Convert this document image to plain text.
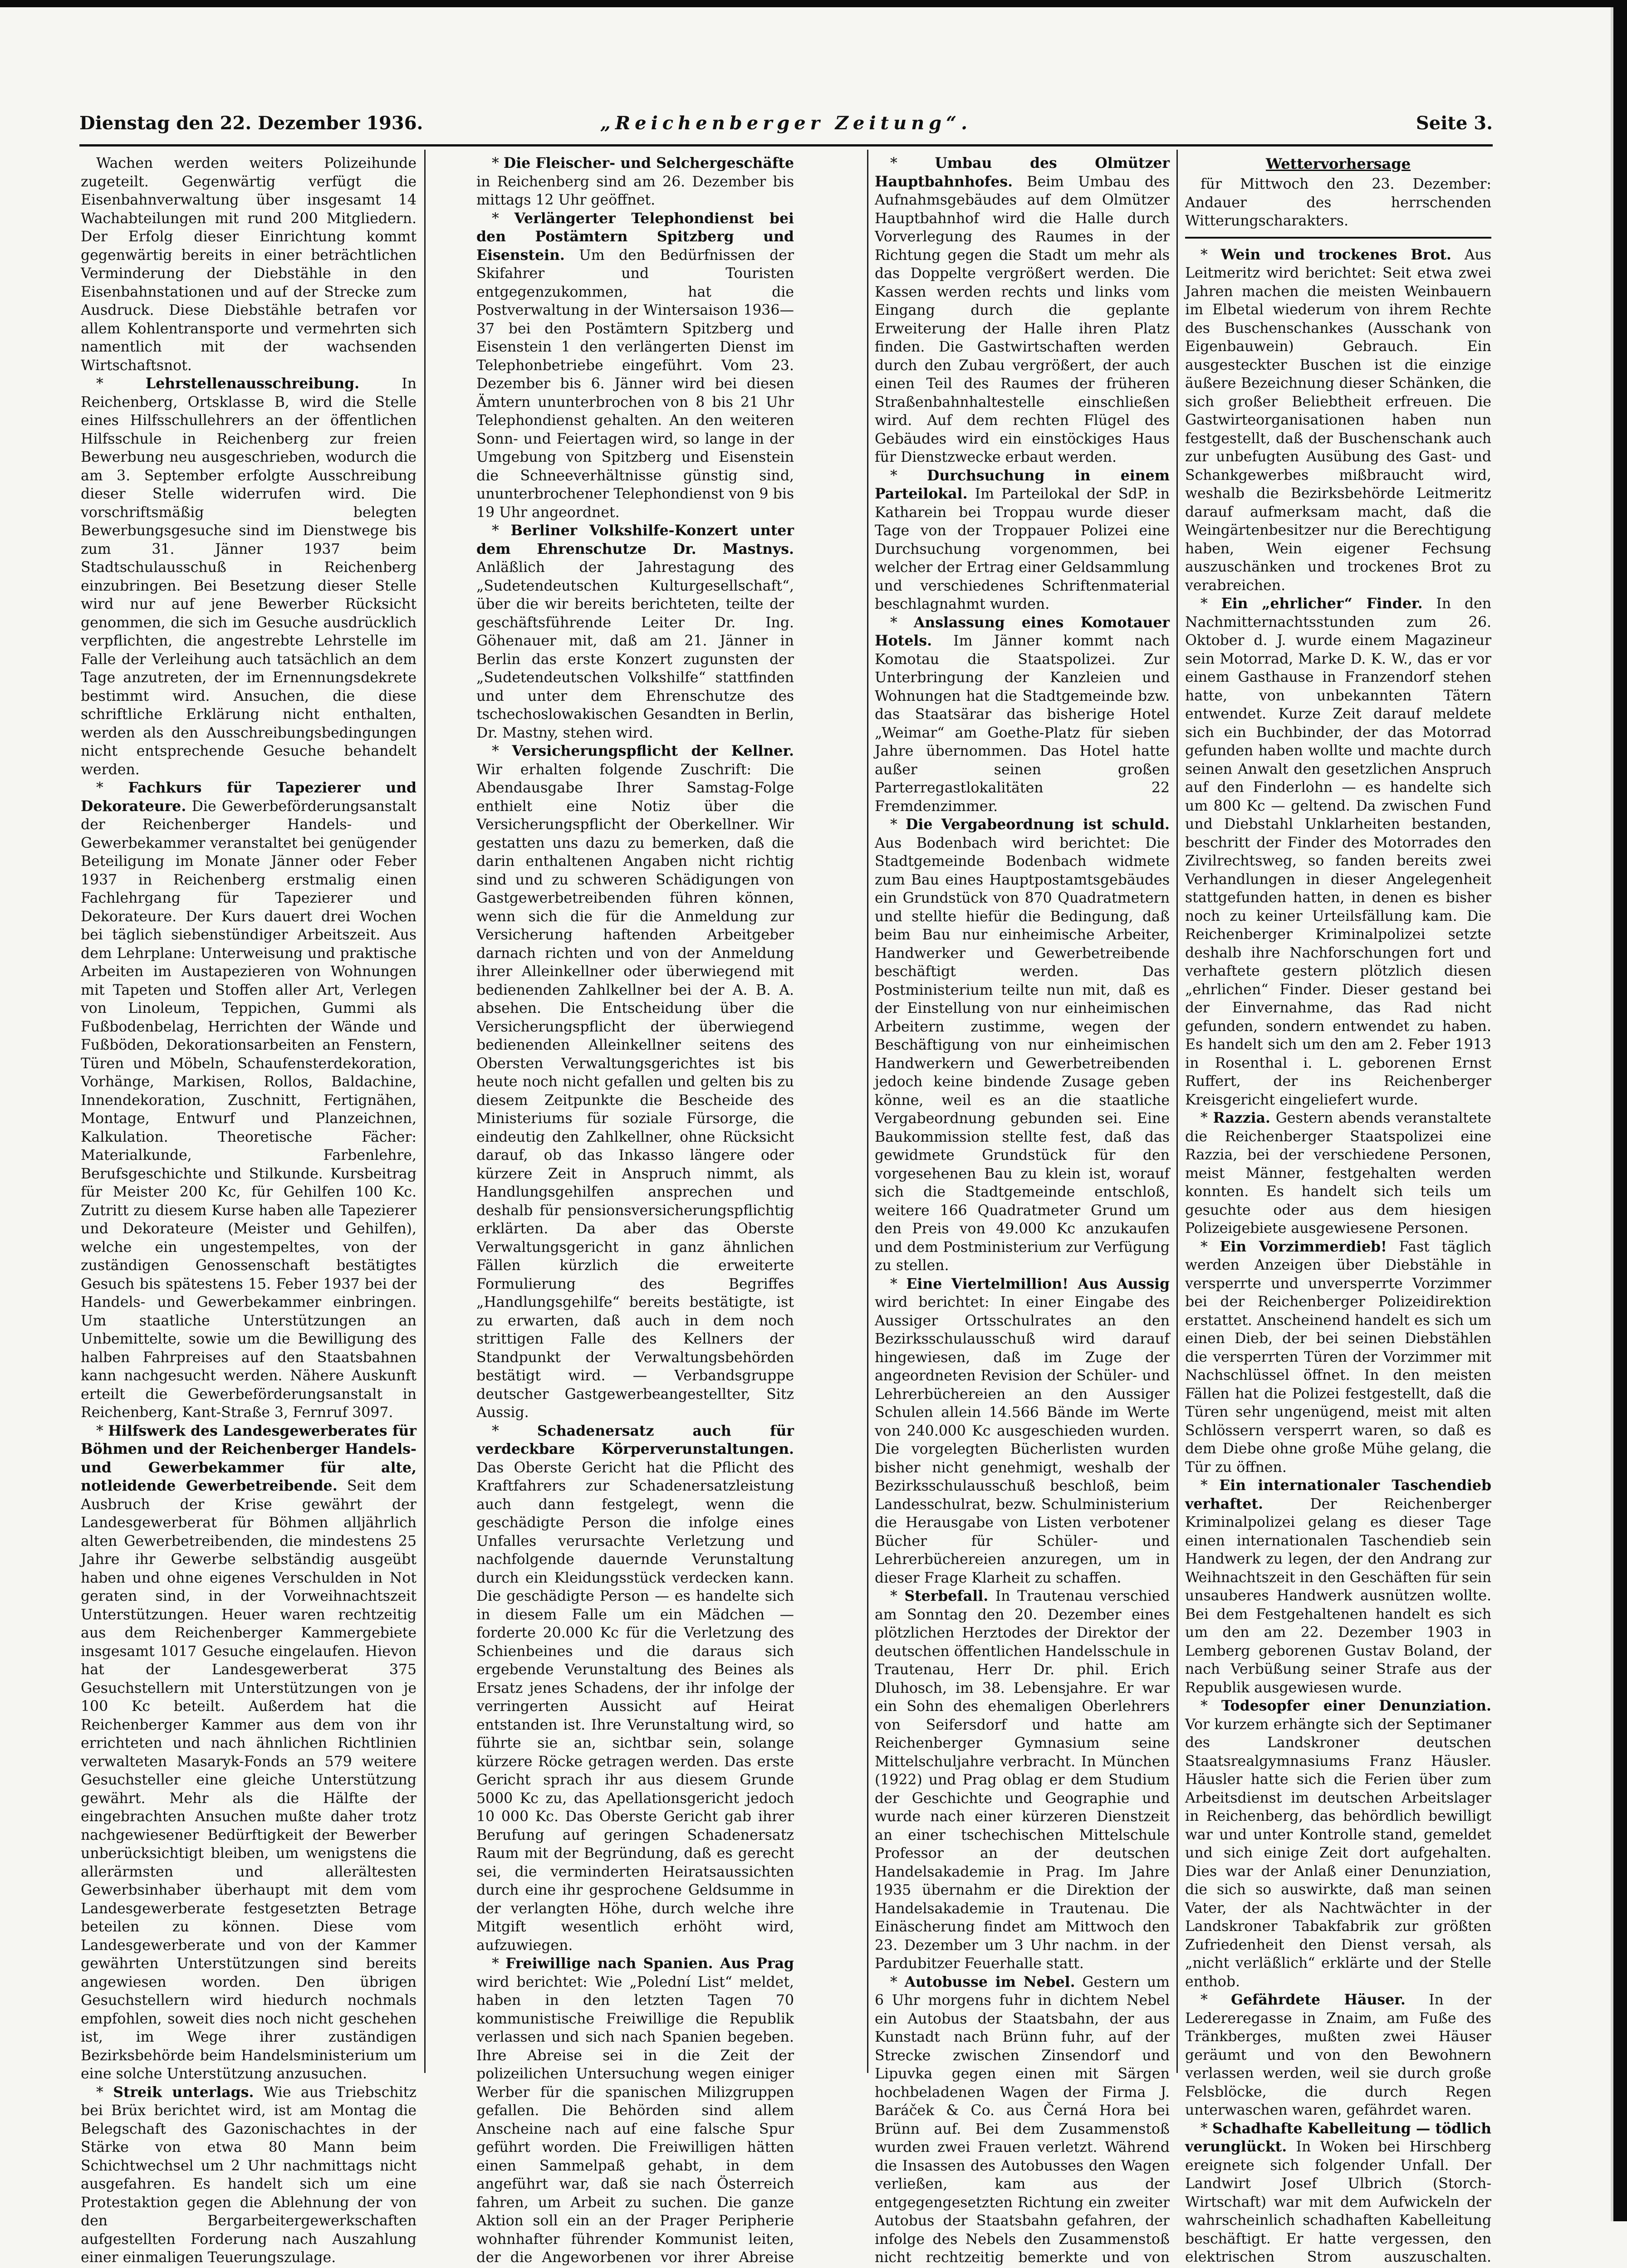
„Reichenberger Zeitung“.
Dienstag den 22. Dezember 1936.	Seite 3.

Wachen werden weiters Polizeihunde zugeteilt. Gegenwärtig verfügt die Eisenbahnverwaltung über insgesamt 14 Wachabteilungen mit rund 200 Mitgliedern. Der Erfolg dieser Einrichtung kommt gegenwärtig bereits in einer beträchtlichen Verminderung der Diebstähle in den Eisenbahnstationen und auf der Strecke zum Ausdruck. Diese Diebstähle betrafen vor allem Kohlentransporte und vermehrten sich namentlich mit der wachsenden Wirtschaftsnot.

* Lehrstellenausschreibung.	In Reichenberg, Ortsklasse B, wird die Stelle eines Hilfsschullehrers an der öffentlichen Hilfsschule in Reichenberg zur freien Bewerbung neu ausgeschrieben, wodurch die am 3. September erfolgte Ausschreibung dieser Stelle widerrufen wird. Die vorschriftsmäßig belegten Bewerbungsgesuche sind im Dienstwege bis zum 31. Jänner 1937 beim Stadtschulausschuß in Reichenberg einzubringen. Bei Besetzung dieser Stelle wird nur auf jene Bewerber Rücksicht genommen, die sich im Gesuche ausdrücklich verpflichten, die angestrebte Lehrstelle im Falle der Verleihung auch tatsächlich an dem Tage anzutreten, der im Ernennungsdekrete bestimmt wird. Ansuchen, die diese schriftliche Erklärung nicht enthalten, werden als den Ausschreibungsbedingungen nicht entsprechende Gesuche behandelt werden.

* Fachkurs für Tapezierer und Dekorateure. Die Gewerbeförderungsanstalt der Reichenberger Handels- und Gewerbekammer veranstaltet bei genügender Beteiligung im Monate Jänner oder Feber 1937 in Reichenberg erstmalig einen Fachlehrgang für Tapezierer und Dekorateure. Der Kurs dauert drei Wochen bei täglich siebenstündiger Arbeitszeit. Aus dem Lehrplane: Unterweisung und praktische Arbeiten im Austapezieren von Wohnungen mit Tapeten und Stoffen aller Art, Verlegen von Linoleum, Teppichen, Gummi als Fußbodenbelag, Herrichten der Wände und Fußböden, Dekorationsarbeiten an Fenstern, Türen und Möbeln, Schaufensterdekoration, Vorhänge, Markisen, Rollos, Baldachine, Innendekoration, Zuschnitt, Fertignähen, Montage, Entwurf und Planzeichnen, Kalkulation. Theoretische Fächer: Materialkunde, Farbenlehre, Berufsgeschichte und Stilkunde. Kursbeitrag für Meister 200 Kc, für Gehilfen 100 Kc. Zutritt zu diesem Kurse haben alle Tapezierer und Dekorateure (Meister und Gehilfen), welche ein ungestempeltes, von der zuständigen Genossenschaft bestätigtes Gesuch bis spätestens 15. Feber 1937 bei der Handels- und Gewerbekammer einbringen. Um staatliche Unterstützungen an Unbemittelte, sowie um die Bewilligung des halben Fahrpreises auf den Staatsbahnen kann nachgesucht werden. Nähere Auskunft erteilt die Gewerbeförderungsanstalt in Reichenberg, Kant-Straße 3, Fernruf 3097.

* Hilfswerk des Landesgewerberates für Böhmen und der Reichenberger Handels- und Gewerbekammer für alte, notleidende Gewerbetreibende. Seit dem Ausbruch der Krise gewährt der Landesgewerberat für Böhmen alljährlich alten Gewerbetreibenden, die mindestens 25 Jahre ihr Gewerbe selbständig ausgeübt haben und ohne eigenes Verschulden in Not geraten sind, in der Vorweihnachtszeit Unterstützungen. Heuer waren rechtzeitig aus dem Reichenberger Kammergebiete insgesamt 1017 Gesuche eingelaufen. Hievon hat der Landesgewerberat 375 Gesuchstellern mit Unterstützungen von je 100 Kc beteilt. Außerdem hat die Reichenberger Kammer aus dem von ihr errichteten und nach ähnlichen Richtlinien verwalteten Masaryk-Fonds an 579 weitere Gesuchsteller eine gleiche Unterstützung gewährt. Mehr als die Hälfte der eingebrachten Ansuchen mußte daher trotz nachgewiesener Bedürftigkeit der Bewerber unberücksichtigt bleiben, um wenigstens die allerärmsten und allerältesten Gewerbsinhaber überhaupt mit dem vom Landesgewerberate festgesetzten Betrage beteilen zu können. Diese vom Landesgewerberate und von der Kammer gewährten Unterstützungen sind bereits angewiesen worden. Den übrigen Gesuchstellern wird hiedurch nochmals empfohlen, soweit dies noch nicht geschehen ist, im Wege ihrer zuständigen Bezirksbehörde beim Handelsministerium um eine solche Unterstützung anzusuchen.

* Streik unterlags. Wie aus Triebschitz bei Brüx berichtet wird, ist am Montag die Belegschaft des Gazonischachtes in der Stärke von etwa 80 Mann beim Schichtwechsel um 2 Uhr nachmittags nicht ausgefahren. Es handelt sich um eine Protestaktion gegen die Ablehnung der von den Bergarbeitergewerkschaften aufgestellten Forderung nach Auszahlung einer einmaligen Teuerungszulage.

* Die Fleischer- und Selchergeschäfte in Reichenberg sind am 26. Dezember bis mittags 12 Uhr geöffnet.

* Verlängerter Telephondienst bei den Postämtern Spitzberg und Eisenstein. Um den Bedürfnissen der Skifahrer und Touristen entgegenzukommen, hat die Postverwaltung in der Wintersaison 1936—37 bei den Postämtern Spitzberg und Eisenstein 1 den verlängerten Dienst im Telephonbetriebe eingeführt. Vom 23. Dezember bis 6. Jänner wird bei diesen Ämtern ununterbrochen von 8 bis 21 Uhr Telephondienst gehalten. An den weiteren Sonn- und Feiertagen wird, so lange in der Umgebung von Spitzberg und Eisenstein die Schneeverhältnisse günstig sind, ununterbrochener Telephondienst von 9 bis 19 Uhr angeordnet.

* Berliner Volkshilfe-Konzert unter dem Ehrenschutze Dr. Mastnys. Anläßlich der Jahrestagung des „Sudetendeutschen Kulturgesellschaft“, über die wir bereits berichteten, teilte der geschäftsführende Leiter Dr. Ing. Göhenauer mit, daß am 21. Jänner in Berlin das erste Konzert zugunsten der „Sudetendeutschen Volkshilfe“ stattfinden und unter dem Ehrenschutze des tschechoslowakischen Gesandten in Berlin, Dr. Mastny, stehen wird.

* Versicherungspflicht der Kellner. Wir erhalten folgende Zuschrift: Die Abendausgabe Ihrer Samstag-Folge enthielt eine Notiz über die Versicherungspflicht der Oberkellner. Wir gestatten uns dazu zu bemerken, daß die darin enthaltenen Angaben nicht richtig sind und zu schweren Schädigungen von Gastgewerbetreibenden führen können, wenn sich die für die Anmeldung zur Versicherung haftenden Arbeitgeber darnach richten und von der Anmeldung ihrer Alleinkellner oder überwiegend mit bedienenden Zahlkellner bei der A. B. A. absehen. Die Entscheidung über die Versicherungspflicht der überwiegend bedienenden Alleinkellner seitens des Obersten Verwaltungsgerichtes ist bis heute noch nicht gefallen und gelten bis zu diesem Zeitpunkte die Bescheide des Ministeriums für soziale Fürsorge, die eindeutig den Zahlkellner, ohne Rücksicht darauf, ob das Inkasso längere oder kürzere Zeit in Anspruch nimmt, als Handlungsgehilfen ansprechen und deshalb für pensionsversicherungspflichtig erklärten. Da aber das Oberste Verwaltungsgericht in ganz ähnlichen Fällen kürzlich die erweiterte Formulierung des Begriffes „Handlungsgehilfe“ bereits bestätigte, ist zu erwarten, daß auch in dem noch strittigen Falle des Kellners der Standpunkt der Verwaltungsbehörden bestätigt wird. — Verbandsgruppe deutscher Gastgewerbeangestellter, Sitz Aussig.

* Schadenersatz auch für verdeckbare Körperverunstaltungen. Das Oberste Gericht hat die Pflicht des Kraftfahrers zur Schadenersatzleistung auch dann festgelegt, wenn die geschädigte Person die infolge eines Unfalles verursachte Verletzung und nachfolgende dauernde Verunstaltung durch ein Kleidungsstück verdecken kann. Die geschädigte Person — es handelte sich in diesem Falle um ein Mädchen — forderte 20.000 Kc für die Verletzung des Schienbeines und die daraus sich ergebende Verunstaltung des Beines als Ersatz jenes Schadens, der ihr infolge der verringerten Aussicht auf Heirat entstanden ist. Ihre Verunstaltung wird, so führte sie an, sichtbar sein, solange kürzere Röcke getragen werden. Das erste Gericht sprach ihr aus diesem Grunde 5000 Kc zu, das Apellationsgericht jedoch 10 000 Kc. Das Oberste Gericht gab ihrer Berufung auf geringen Schadenersatz Raum mit der Begründung, daß es gerecht sei, die verminderten Heiratsaussichten durch eine ihr gesprochene Geldsumme in der verlangten Höhe, durch welche ihre Mitgift wesentlich erhöht wird, aufzuwiegen.

* Freiwillige nach Spanien. Aus Prag wird berichtet: Wie „Polední List“ meldet, haben in den letzten Tagen 70 kommunistische Freiwillige die Republik verlassen und sich nach Spanien begeben. Ihre Abreise sei in die Zeit der polizeilichen Untersuchung wegen einiger Werber für die spanischen Milizgruppen gefallen. Die Behörden sind allem Anscheine nach auf eine falsche Spur geführt worden. Die Freiwilligen hätten einen Sammelpaß gehabt, in dem angeführt war, daß sie nach Österreich fahren, um Arbeit zu suchen. Die ganze Aktion soll ein an der Prager Peripherie wohnhafter führender Kommunist leiten, der die Angeworbenen vor ihrer Abreise

* Umbau des Olmützer Hauptbahnhofes. Beim Umbau des Aufnahmsgebäudes auf dem Olmützer Hauptbahnhof wird die Halle durch Vorverlegung des Raumes in der Richtung gegen die Stadt um mehr als das Doppelte vergrößert werden. Die Kassen werden rechts und links vom Eingang durch die geplante Erweiterung der Halle ihren Platz finden. Die Gastwirtschaften werden durch den Zubau vergrößert, der auch einen Teil des Raumes der früheren Straßenbahnhaltestelle einschließen wird. Auf dem rechten Flügel des Gebäudes wird ein einstöckiges Haus für Dienstzwecke erbaut werden.

* Durchsuchung in einem Parteilokal. Im Parteilokal der SdP. in Katharein bei Troppau wurde dieser Tage von der Troppauer Polizei eine Durchsuchung vorgenommen, bei welcher der Ertrag einer Geldsammlung und verschiedenes Schriftenmaterial beschlagnahmt wurden.

* Anslassung eines Komotauer Hotels. Im Jänner kommt nach Komotau die Staatspolizei. Zur Unterbringung der Kanzleien und Wohnungen hat die Stadtgemeinde bzw. das Staatsärar das bisherige Hotel „Weimar“ am Goethe-Platz für sieben Jahre übernommen. Das Hotel hatte außer seinen großen Parterregastlokalitäten 22 Fremdenzimmer.

* Die Vergabeordnung ist schuld. Aus Bodenbach wird berichtet: Die Stadtgemeinde Bodenbach widmete zum Bau eines Hauptpostamtsgebäudes ein Grundstück von 870 Quadratmetern und stellte hiefür die Bedingung, daß beim Bau nur einheimische Arbeiter, Handwerker und Gewerbetreibende beschäftigt werden. Das Postministerium teilte nun mit, daß es der Einstellung von nur einheimischen Arbeitern zustimme, wegen der Beschäftigung von nur einheimischen Handwerkern und Gewerbetreibenden jedoch keine bindende Zusage geben könne, weil es an die staatliche Vergabeordnung gebunden sei. Eine Baukommission stellte fest, daß das gewidmete Grundstück für den vorgesehenen Bau zu klein ist, worauf sich die Stadtgemeinde entschloß, weitere 166 Quadratmeter Grund um den Preis von 49.000 Kc anzukaufen und dem Postministerium zur Verfügung zu stellen.

* Eine Viertelmillion! Aus Aussig wird berichtet: In einer Eingabe des Aussiger Ortsschulrates an den Bezirksschulausschuß wird darauf hingewiesen, daß im Zuge der angeordneten Revision der Schüler- und Lehrerbüchereien an den Aussiger Schulen allein 14.566 Bände im Werte von 240.000 Kc ausgeschieden wurden. Die vorgelegten Bücherlisten wurden bisher nicht genehmigt, weshalb der Bezirksschulausschuß beschloß, beim Landesschulrat, bezw. Schulministerium die Herausgabe von Listen verbotener Bücher für Schüler- und Lehrerbüchereien anzuregen, um in dieser Frage Klarheit zu schaffen.

* Sterbefall. In Trautenau verschied am Sonntag den 20. Dezember eines plötzlichen Herztodes der Direktor der deutschen öffentlichen Handelsschule in Trautenau, Herr Dr. phil. Erich Dluhosch, im 38. Lebensjahre. Er war ein Sohn des ehemaligen Oberlehrers von Seifersdorf und hatte am Reichenberger Gymnasium seine Mittelschuljahre verbracht. In München (1922) und Prag oblag er dem Studium der Geschichte und Geographie und wurde nach einer kürzeren Dienstzeit an einer tschechischen Mittelschule Professor an der deutschen Handelsakademie in Prag. Im Jahre 1935 übernahm er die Direktion der Handelsakademie in Trautenau. Die Einäscherung findet am Mittwoch den 23. Dezember um 3 Uhr nachm. in der Pardubitzer Feuerhalle statt.

* Autobusse im Nebel. Gestern um 6 Uhr morgens fuhr in dichtem Nebel ein Autobus der Staatsbahn, der aus Kunstadt nach Brünn fuhr, auf der Strecke zwischen Zinsendorf und Lipuvka gegen einen mit Särgen hochbeladenen Wagen der Firma J. Baráček & Co. aus Černá Hora bei Brünn auf. Bei dem Zusammenstoß wurden zwei Frauen verletzt. Während die Insassen des Autobusses den Wagen verließen, kam aus der entgegengesetzten Richtung ein zweiter Autobus der Staatsbahn gefahren, der infolge des Nebels den Zusammenstoß nicht rechtzeitig bemerkte und von

Wettervorhersage

für Mittwoch den 23. Dezember: Andauer des herrschenden Witterungscharakters.

* Wein und trockenes Brot. Aus Leitmeritz wird berichtet: Seit etwa zwei Jahren machen die meisten Weinbauern im Elbetal wiederum von ihrem Rechte des Buschenschankes (Ausschank von Eigenbauwein) Gebrauch. Ein ausgesteckter Buschen ist die einzige äußere Bezeichnung dieser Schänken, die sich großer Beliebtheit erfreuen. Die Gastwirteorganisationen haben nun festgestellt, daß der Buschenschank auch zur unbefugten Ausübung des Gast- und Schankgewerbes mißbraucht wird, weshalb die Bezirksbehörde Leitmeritz darauf aufmerksam macht, daß die Weingärtenbesitzer nur die Berechtigung haben, Wein eigener Fechsung auszuschänken und trockenes Brot zu verabreichen.

* Ein „ehrlicher“ Finder. In den Nachmitternachtsstunden zum 26. Oktober d. J. wurde einem Magazineur sein Motorrad, Marke D. K. W., das er vor einem Gasthause in Franzendorf stehen hatte, von unbekannten Tätern entwendet. Kurze Zeit darauf meldete sich ein Buchbinder, der das Motorrad gefunden haben wollte und machte durch seinen Anwalt den gesetzlichen Anspruch auf den Finderlohn — es handelte sich um 800 Kc — geltend. Da zwischen Fund und Diebstahl Unklarheiten bestanden, beschritt der Finder des Motorrades den Zivilrechtsweg, so fanden bereits zwei Verhandlungen in dieser Angelegenheit stattgefunden hatten, in denen es bisher noch zu keiner Urteilsfällung kam. Die Reichenberger Kriminalpolizei setzte deshalb ihre Nachforschungen fort und verhaftete gestern plötzlich diesen „ehrlichen“ Finder. Dieser gestand bei der Einvernahme, das Rad nicht gefunden, sondern entwendet zu haben. Es handelt sich um den am 2. Feber 1913 in Rosenthal i. L. geborenen Ernst Ruffert, der ins Reichenberger Kreisgericht eingeliefert wurde.

* Razzia. Gestern abends veranstaltete die Reichenberger Staatspolizei eine Razzia, bei der verschiedene Personen, meist Männer, festgehalten werden konnten. Es handelt sich teils um gesuchte oder aus dem hiesigen Polizeigebiete ausgewiesene Personen.

* Ein Vorzimmerdieb! Fast täglich werden Anzeigen über Diebstähle in versperrte und unversperrte Vorzimmer bei der Reichenberger Polizeidirektion erstattet. Anscheinend handelt es sich um einen Dieb, der bei seinen Diebstählen die versperrten Türen der Vorzimmer mit Nachschlüssel öffnet. In den meisten Fällen hat die Polizei festgestellt, daß die Türen sehr ungenügend, meist mit alten Schlössern versperrt waren, so daß es dem Diebe ohne große Mühe gelang, die Tür zu öffnen.

* Ein internationaler Taschendieb verhaftet.	Der Reichenberger Kriminalpolizei gelang es dieser Tage einen internationalen Taschendieb sein Handwerk zu legen, der den Andrang zur Weihnachtszeit in den Geschäften für sein unsauberes Handwerk ausnützen wollte. Bei dem Festgehaltenen handelt es sich um den am 22. Dezember 1903 in Lemberg geborenen Gustav Boland, der nach Verbüßung seiner Strafe aus der Republik ausgewiesen wurde.

* Todesopfer einer Denunziation. Vor kurzem erhängte sich der Septimaner des Landskroner deutschen Staatsrealgymnasiums Franz Häusler. Häusler hatte sich die Ferien über zum Arbeitsdienst im deutschen Arbeitslager in Reichenberg, das behördlich bewilligt war und unter Kontrolle stand, gemeldet und sich einige Zeit dort aufgehalten. Dies war der Anlaß einer Denunziation, die sich so auswirkte, daß man seinen Vater, der als Nachtwächter in der Landskroner Tabakfabrik zur größten Zufriedenheit den Dienst versah, als „nicht verläßlich“ erklärte und der Stelle enthob.

* Gefährdete Häuser. In der Ledereregasse in Znaim, am Fuße des Tränkberges, mußten zwei Häuser geräumt und von den Bewohnern verlassen werden, weil sie durch große Felsblöcke, die durch Regen unterwaschen waren, gefährdet waren.

* Schadhafte Kabelleitung — tödlich verunglückt. In Woken bei Hirschberg ereignete sich folgender Unfall. Der Landwirt Josef Ulbrich (Storch-Wirtschaft) war mit dem Aufwickeln der wahrscheinlich schadhaften Kabelleitung beschäftigt. Er hatte vergessen, den elektrischen Strom auszuschalten.
